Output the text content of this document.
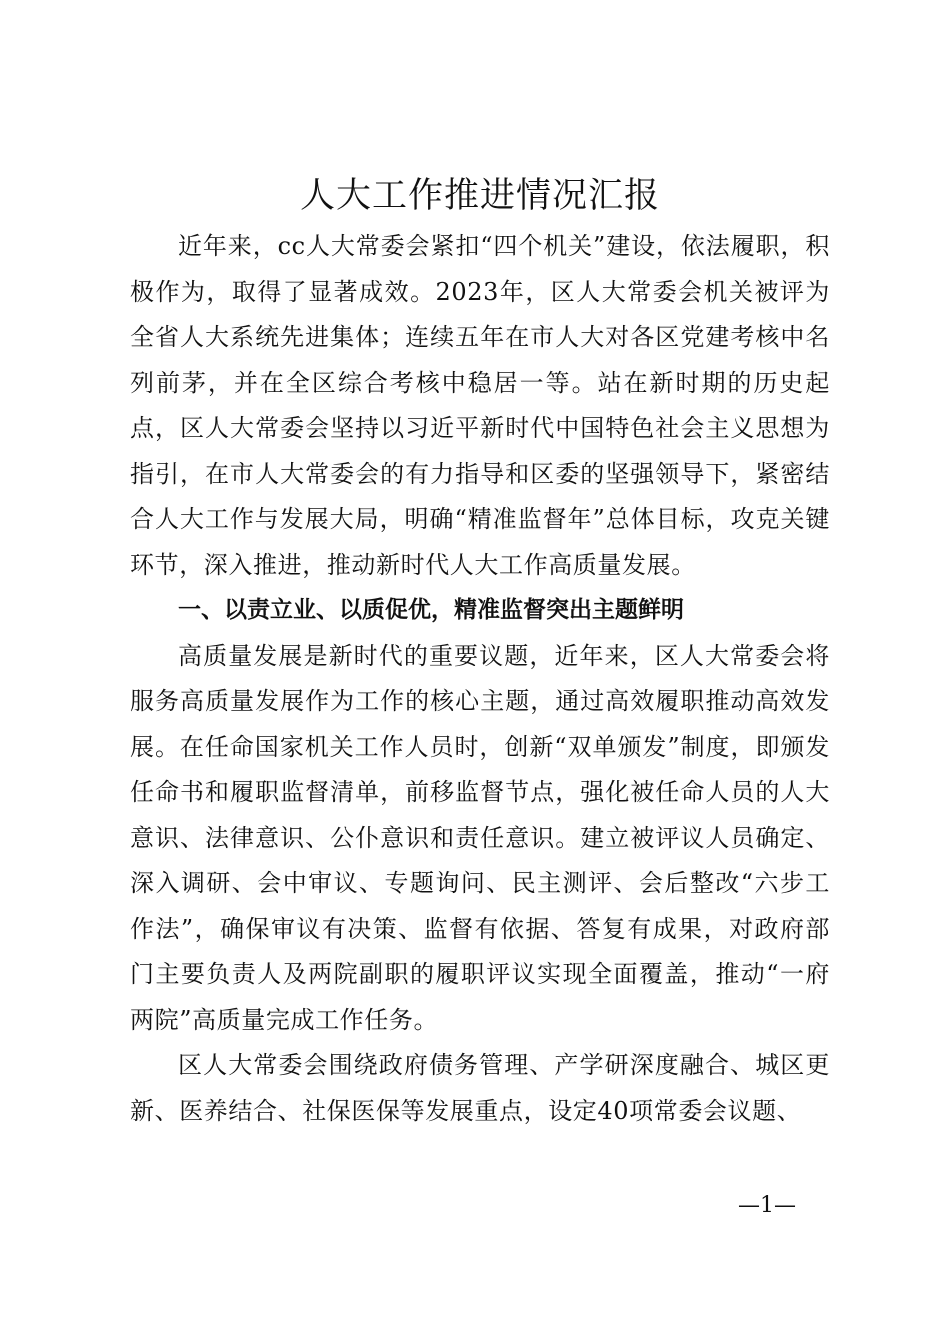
人大工作推进情况汇报

近年来，cc人大常委会紧扣“四个机关”建设，依法履职，积极作为，取得了显著成效。2023年，区人大常委会机关被评为全省人大系统先进集体；连续五年在市人大对各区党建考核中名列前茅，并在全区综合考核中稳居一等。站在新时期的历史起点，区人大常委会坚持以习近平新时代中国特色社会主义思想为指引，在市人大常委会的有力指导和区委的坚强领导下，紧密结合人大工作与发展大局，明确“精准监督年”总体目标，攻克关键环节，深入推进，推动新时代人大工作高质量发展。

一、以责立业、以质促优，精准监督突出主题鲜明

高质量发展是新时代的重要议题，近年来，区人大常委会将服务高质量发展作为工作的核心主题，通过高效履职推动高效发展。在任命国家机关工作人员时，创新“双单颁发”制度，即颁发任命书和履职监督清单，前移监督节点，强化被任命人员的人大意识、法律意识、公仆意识和责任意识。建立被评议人员确定、深入调研、会中审议、专题询问、民主测评、会后整改“六步工作法”，确保审议有决策、监督有依据、答复有成果，对政府部门主要负责人及两院副职的履职评议实现全面覆盖，推动“一府两院”高质量完成工作任务。

区人大常委会围绕政府债务管理、产学研深度融合、城区更新、医养结合、社保医保等发展重点，设定40项常委会议题、

—1—
